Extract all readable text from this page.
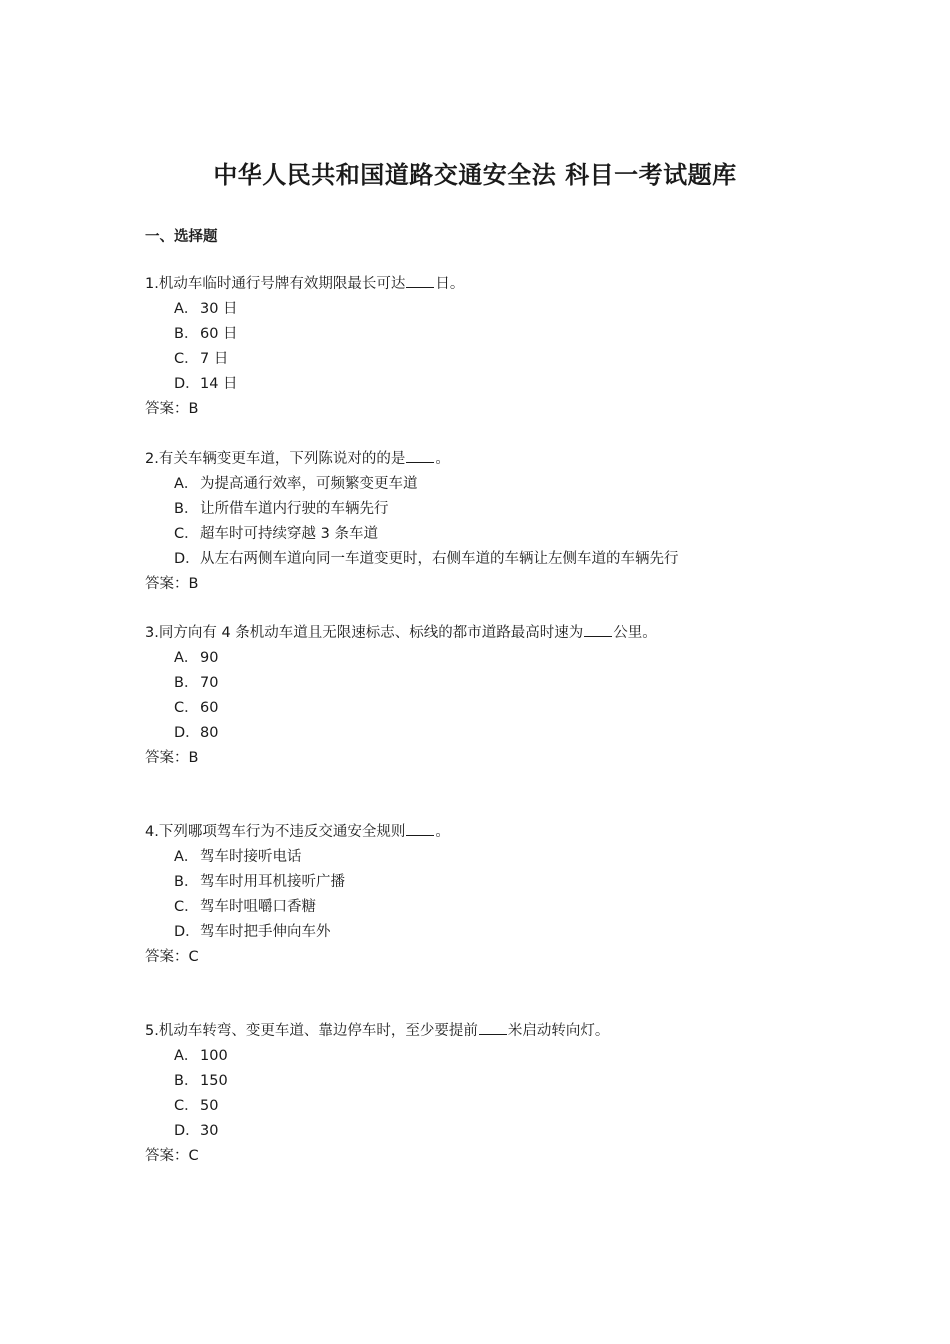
中华人民共和国道路交通安全法 科目一考试题库
一、选择题

1.机动车临时通行号牌有效期限最长可达 日。

A． 30 日
B． 60 日
C．7 日
D．14 日

答案：B

2.有关车辆变更车道，下列陈说对的的是 。

A． 为提高通行效率，可频繁变更车道
B． 让所借车道内行驶的车辆先行
C．超车时可持续穿越 3 条车道
D．从左右两侧车道向同一车道变更时，右侧车道的车辆让左侧车道的车辆先行

答案：B

3.同方向有 4 条机动车道且无限速标志、标线的都市道路最高时速为 公里。

A． 90
B． 70
C．60
D．80

答案：B

4.下列哪项驾车行为不违反交通安全规则 。

A． 驾车时接听电话
B． 驾车时用耳机接听广播
C．驾车时咀嚼口香糖
D．驾车时把手伸向车外

答案：C

5.机动车转弯、变更车道、靠边停车时，至少要提前 米启动转向灯。

A． 100
B． 150
C．50
D．30

答案：C
